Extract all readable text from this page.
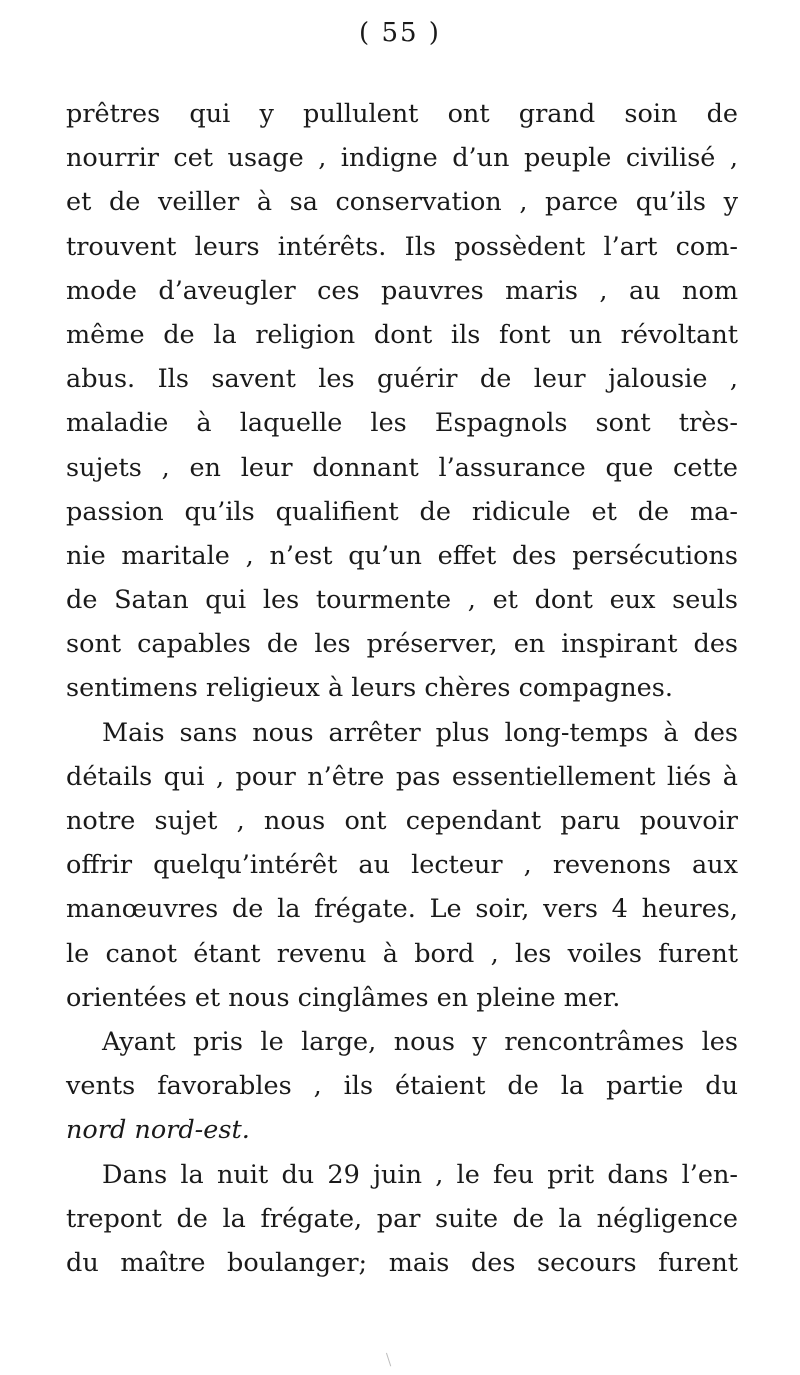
( 55 )
prêtres qui y pullulent ont grand soin de
nourrir cet usage , indigne d’un peuple civilisé ,
et de veiller à sa conservation , parce qu’ils y
trouvent leurs intérêts. Ils possèdent l’art com-
mode d’aveugler ces pauvres maris , au nom
même de la religion dont ils font un révoltant
abus. Ils savent les guérir de leur jalousie ,
maladie à laquelle les Espagnols sont très-
sujets , en leur donnant l’assurance que cette
passion qu’ils qualifient de ridicule et de ma-
nie maritale , n’est qu’un effet des persécutions
de Satan qui les tourmente , et dont eux seuls
sont capables de les préserver, en inspirant des
sentimens religieux à leurs chères compagnes.
Mais sans nous arrêter plus long-temps à des
détails qui , pour n’être pas essentiellement liés à
notre sujet , nous ont cependant paru pouvoir
offrir quelqu’intérêt au lecteur , revenons aux
manœuvres de la frégate. Le soir, vers 4 heures,
le canot étant revenu à bord , les voiles furent
orientées et nous cinglâmes en pleine mer.
Ayant pris le large, nous y rencontrâmes les
vents favorables , ils étaient de la partie du
nord nord-est.
Dans la nuit du 29 juin , le feu prit dans l’en-
trepont de la frégate, par suite de la négligence
du maître boulanger; mais des secours furent
